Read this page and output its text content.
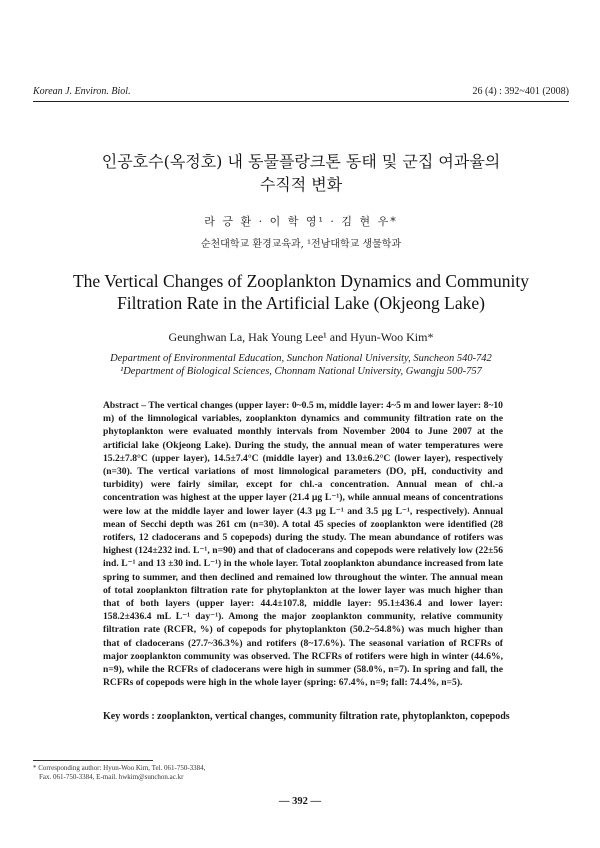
Korean J. Environ. Biol.	26 (4) : 392~401 (2008)
인공호수(옥정호) 내 동물플랑크톤 동태 및 군집 여과율의
수직적 변화
라 긍 환 · 이 학 영¹ · 김 현 우*
순천대학교 환경교육과, ¹전남대학교 생물학과
The Vertical Changes of Zooplankton Dynamics and Community
Filtration Rate in the Artificial Lake (Okjeong Lake)
Geunghwan La, Hak Young Lee¹ and Hyun-Woo Kim*
Department of Environmental Education, Sunchon National University, Suncheon 540-742
¹Department of Biological Sciences, Chonnam National University, Gwangju 500-757
Abstract – The vertical changes (upper layer: 0~0.5 m, middle layer: 4~5 m and lower layer: 8~10 m) of the limnological variables, zooplankton dynamics and community filtration rate on the phytoplankton were evaluated monthly intervals from November 2004 to June 2007 at the artificial lake (Okjeong Lake). During the study, the annual mean of water temperatures were 15.2±7.8°C (upper layer), 14.5±7.4°C (middle layer) and 13.0±6.2°C (lower layer), respectively (n=30). The vertical variations of most limnological parameters (DO, pH, conductivity and turbidity) were fairly similar, except for chl.-a concentration. Annual mean of chl.-a concentration was highest at the upper layer (21.4 µg L⁻¹), while annual means of concentrations were low at the middle layer and lower layer (4.3 µg L⁻¹ and 3.5 µg L⁻¹, respectively). Annual mean of Secchi depth was 261 cm (n=30). A total 45 species of zooplankton were identified (28 rotifers, 12 cladocerans and 5 copepods) during the study. The mean abundance of rotifers was highest (124±232 ind. L⁻¹, n=90) and that of cladocerans and copepods were relatively low (22±56 ind. L⁻¹ and 13 ±30 ind. L⁻¹) in the whole layer. Total zooplankton abundance increased from late spring to summer, and then declined and remained low throughout the winter. The annual mean of total zooplankton filtration rate for phytoplankton at the lower layer was much higher than that of both layers (upper layer: 44.4±107.8, middle layer: 95.1±436.4 and lower layer: 158.2±436.4 mL L⁻¹ day⁻¹). Among the major zooplankton community, relative community filtration rate (RCFR, %) of copepods for phytoplankton (50.2~54.8%) was much higher than that of cladocerans (27.7~36.3%) and rotifers (8~17.6%). The seasonal variation of RCFRs of major zooplankton community was observed. The RCFRs of rotifers were high in winter (44.6%, n=9), while the RCFRs of cladocerans were high in summer (58.0%, n=7). In spring and fall, the RCFRs of copepods were high in the whole layer (spring: 67.4%, n=9; fall: 74.4%, n=5).
Key words : zooplankton, vertical changes, community filtration rate, phytoplankton, copepods
* Corresponding author: Hyun-Woo Kim, Tel. 061-750-3384,
Fax. 061-750-3384, E-mail. hwkim@sunchon.ac.kr
— 392 —
